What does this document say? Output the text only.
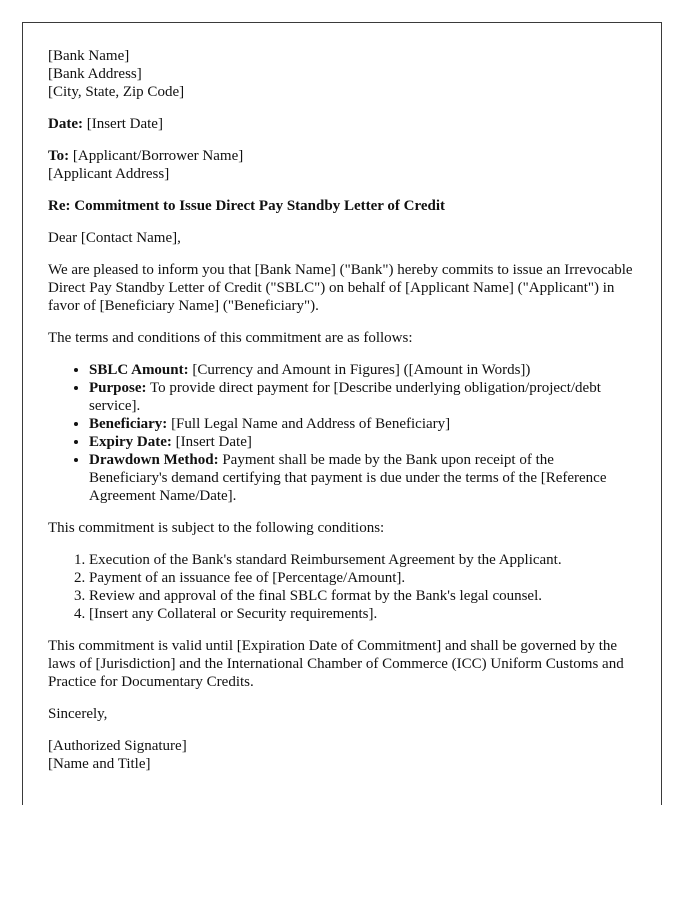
[Bank Name]
[Bank Address]
[City, State, Zip Code]
Date: [Insert Date]
To: [Applicant/Borrower Name]
[Applicant Address]
Re: Commitment to Issue Direct Pay Standby Letter of Credit
Dear [Contact Name],

We are pleased to inform you that [Bank Name] ("Bank") hereby commits to issue an Irrevocable Direct Pay Standby Letter of Credit ("SBLC") on behalf of [Applicant Name] ("Applicant") in favor of [Beneficiary Name] ("Beneficiary").

The terms and conditions of this commitment are as follows:

• SBLC Amount: [Currency and Amount in Figures] ([Amount in Words])
• Purpose: To provide direct payment for [Describe underlying obligation/project/debt service].
• Beneficiary: [Full Legal Name and Address of Beneficiary]
• Expiry Date: [Insert Date]
• Drawdown Method: Payment shall be made by the Bank upon receipt of the Beneficiary's demand certifying that payment is due under the terms of the [Reference Agreement Name/Date].

This commitment is subject to the following conditions:

1. Execution of the Bank's standard Reimbursement Agreement by the Applicant.
2. Payment of an issuance fee of [Percentage/Amount].
3. Review and approval of the final SBLC format by the Bank's legal counsel.
4. [Insert any Collateral or Security requirements].

This commitment is valid until [Expiration Date of Commitment] and shall be governed by the laws of [Jurisdiction] and the International Chamber of Commerce (ICC) Uniform Customs and Practice for Documentary Credits.

Sincerely,
[Authorized Signature]
[Name and Title]
